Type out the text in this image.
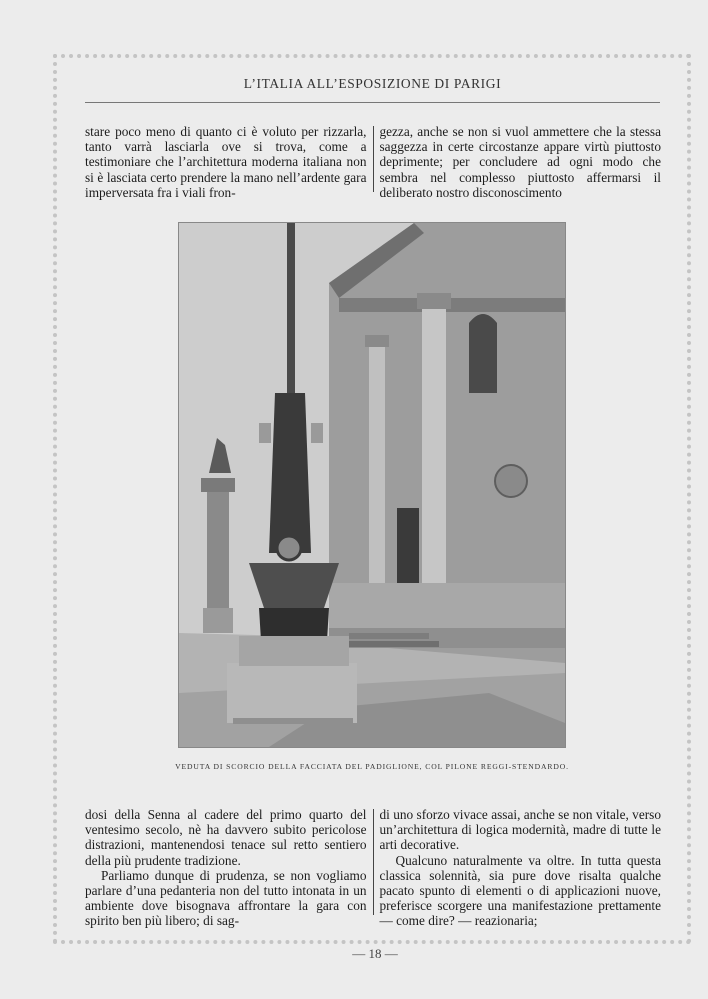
L’ITALIA ALL’ESPOSIZIONE DI PARIGI

stare poco meno di quanto ci è voluto per rizzarla, tanto varrà lasciarla ove si trova, come a testimoniare che l’architettura moderna italiana non si è lasciata certo prendere la mano nell’ardente gara imperversata fra i viali fron-

gezza, anche se non si vuol ammettere che la stessa saggezza in certe circostanze appare virtù piuttosto deprimente; per concludere ad ogni modo che sembra nel complesso piuttosto affermarsi il deliberato nostro disconoscimento

VEDUTA DI SCORCIO DELLA FACCIATA DEL PADIGLIONE, COL PILONE REGGI-STENDARDO.

dosi della Senna al cadere del primo quarto del ventesimo secolo, nè ha davvero subito pericolose distrazioni, mantenendosi tenace sul retto sentiero della più prudente tradizione.

Parliamo dunque di prudenza, se non vogliamo parlare d’una pedanteria non del tutto intonata in un ambiente dove bisognava affrontare la gara con spirito ben più libero; di sag-

di uno sforzo vivace assai, anche se non vitale, verso un’architettura di logica modernità, madre di tutte le arti decorative.

Qualcuno naturalmente va oltre. In tutta questa classica solennità, sia pure dove risalta qualche pacato spunto di elementi o di applicazioni nuove, preferisce scorgere una manifestazione prettamente — come dire? — reazionaria;

— 18 —
